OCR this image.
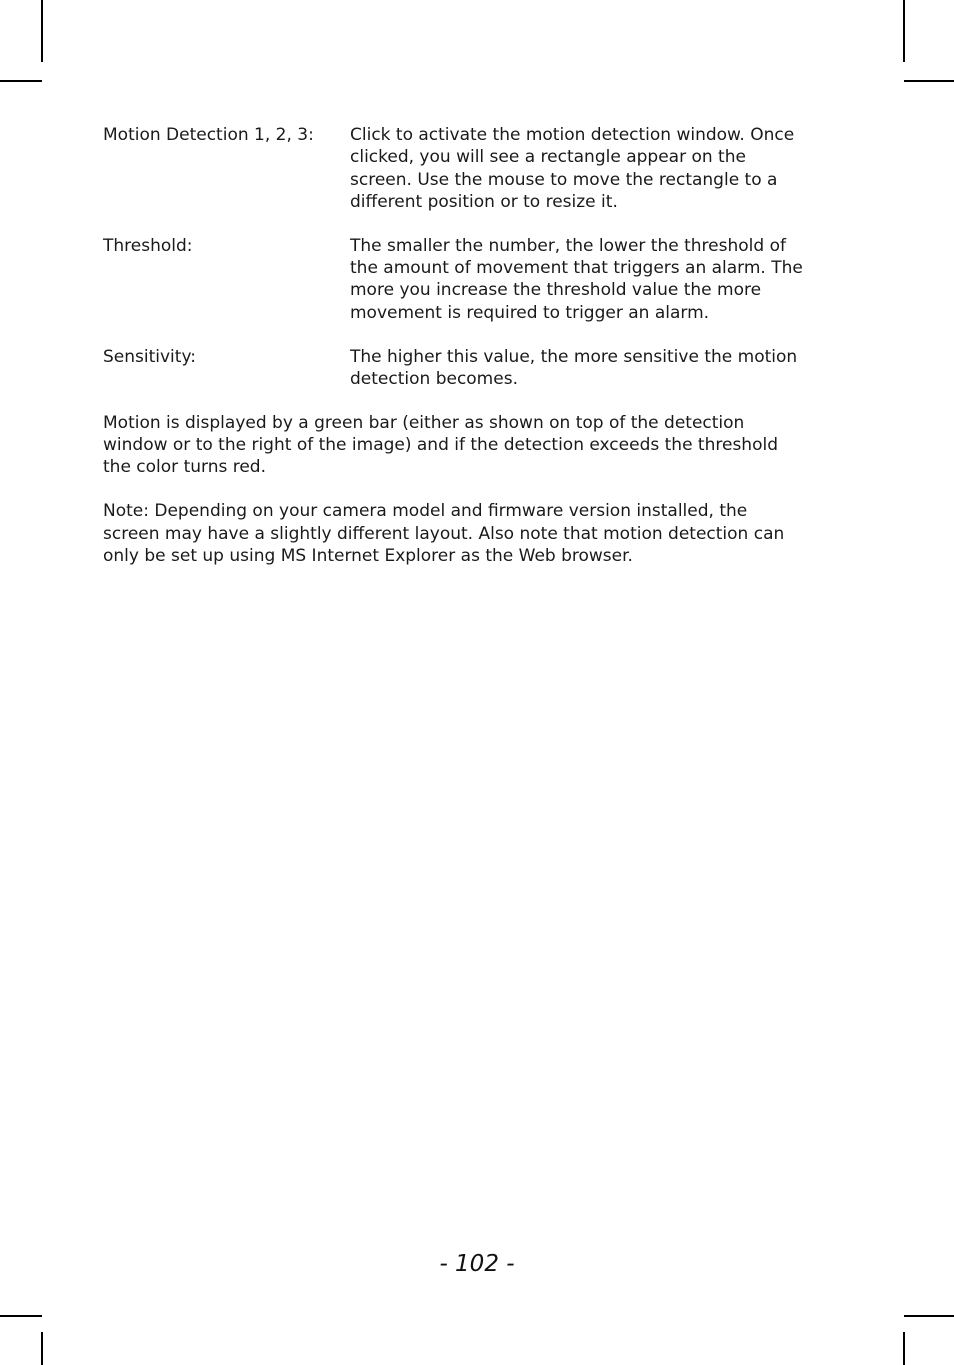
Motion Detection 1, 2, 3:	Click to activate the motion detection window. Once
clicked, you will see a rectangle appear on the
screen. Use the mouse to move the rectangle to a
different position or to resize it.
Threshold:	The smaller the number, the lower the threshold of
the amount of movement that triggers an alarm. The
more you increase the threshold value the more
movement is required to trigger an alarm.
Sensitivity:	The higher this value, the more sensitive the motion
detection becomes.

Motion is displayed by a green bar (either as shown on top of the detection
window or to the right of the image) and if the detection exceeds the threshold
the color turns red.

Note: Depending on your camera model and firmware version installed, the
screen may have a slightly different layout. Also note that motion detection can
only be set up using MS Internet Explorer as the Web browser.

- 102 -
